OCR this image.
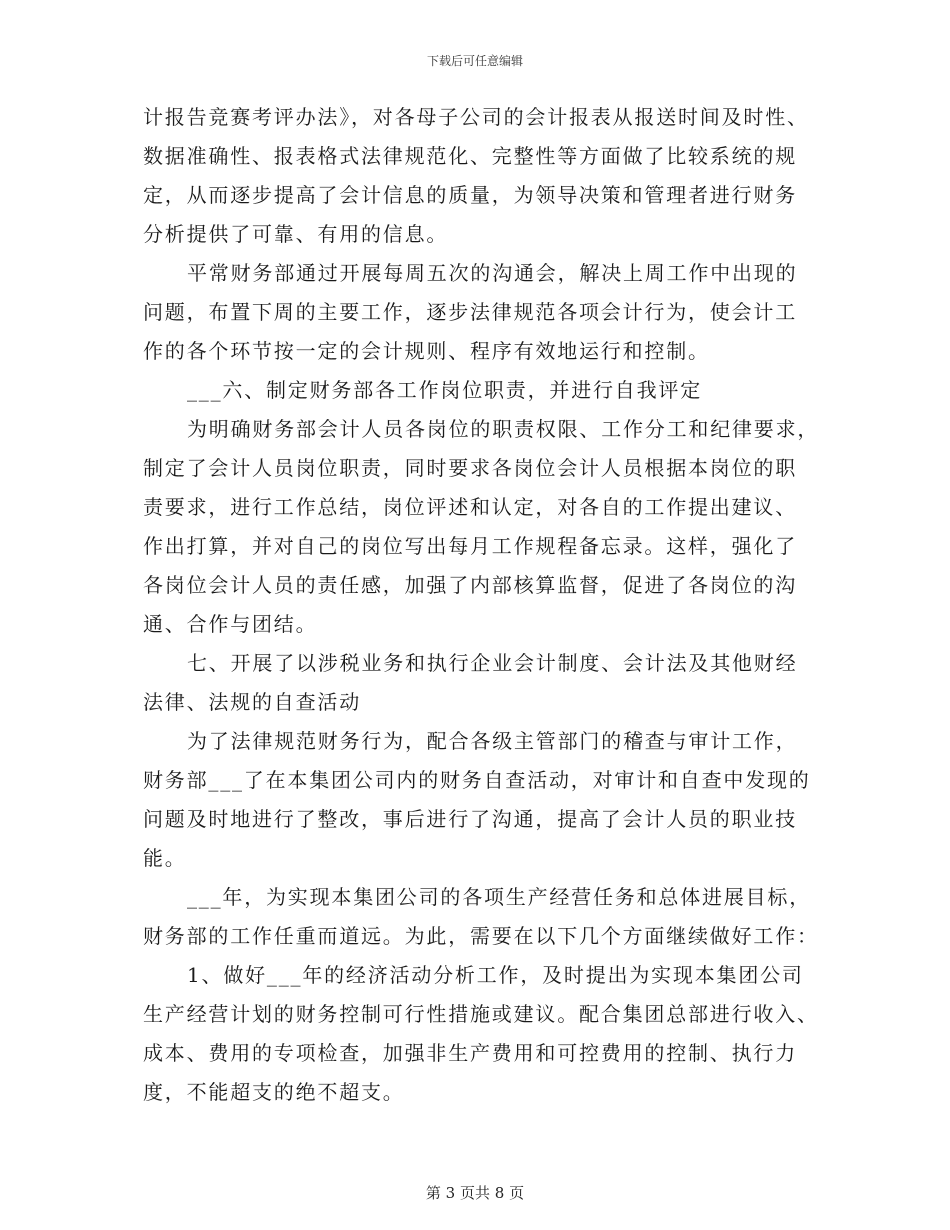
下载后可任意编辑
计报告竞赛考评办法》，对各母子公司的会计报表从报送时间及时性、
数据准确性、报表格式法律规范化、完整性等方面做了比较系统的规
定，从而逐步提高了会计信息的质量，为领导决策和管理者进行财务
分析提供了可靠、有用的信息。
平常财务部通过开展每周五次的沟通会，解决上周工作中出现的
问题，布置下周的主要工作，逐步法律规范各项会计行为，使会计工
作的各个环节按一定的会计规则、程序有效地运行和控制。
___六、制定财务部各工作岗位职责，并进行自我评定
为明确财务部会计人员各岗位的职责权限、工作分工和纪律要求，
制定了会计人员岗位职责，同时要求各岗位会计人员根据本岗位的职
责要求，进行工作总结，岗位评述和认定，对各自的工作提出建议、
作出打算，并对自己的岗位写出每月工作规程备忘录。这样，强化了
各岗位会计人员的责任感，加强了内部核算监督，促进了各岗位的沟
通、合作与团结。
七、开展了以涉税业务和执行企业会计制度、会计法及其他财经
法律、法规的自查活动
为了法律规范财务行为，配合各级主管部门的稽查与审计工作，
财务部___了在本集团公司内的财务自查活动，对审计和自查中发现的
问题及时地进行了整改，事后进行了沟通，提高了会计人员的职业技
能。
___年，为实现本集团公司的各项生产经营任务和总体进展目标，
财务部的工作任重而道远。为此，需要在以下几个方面继续做好工作：
1、做好___年的经济活动分析工作，及时提出为实现本集团公司
生产经营计划的财务控制可行性措施或建议。配合集团总部进行收入、
成本、费用的专项检查，加强非生产费用和可控费用的控制、执行力
度，不能超支的绝不超支。
第 3 页共 8 页
